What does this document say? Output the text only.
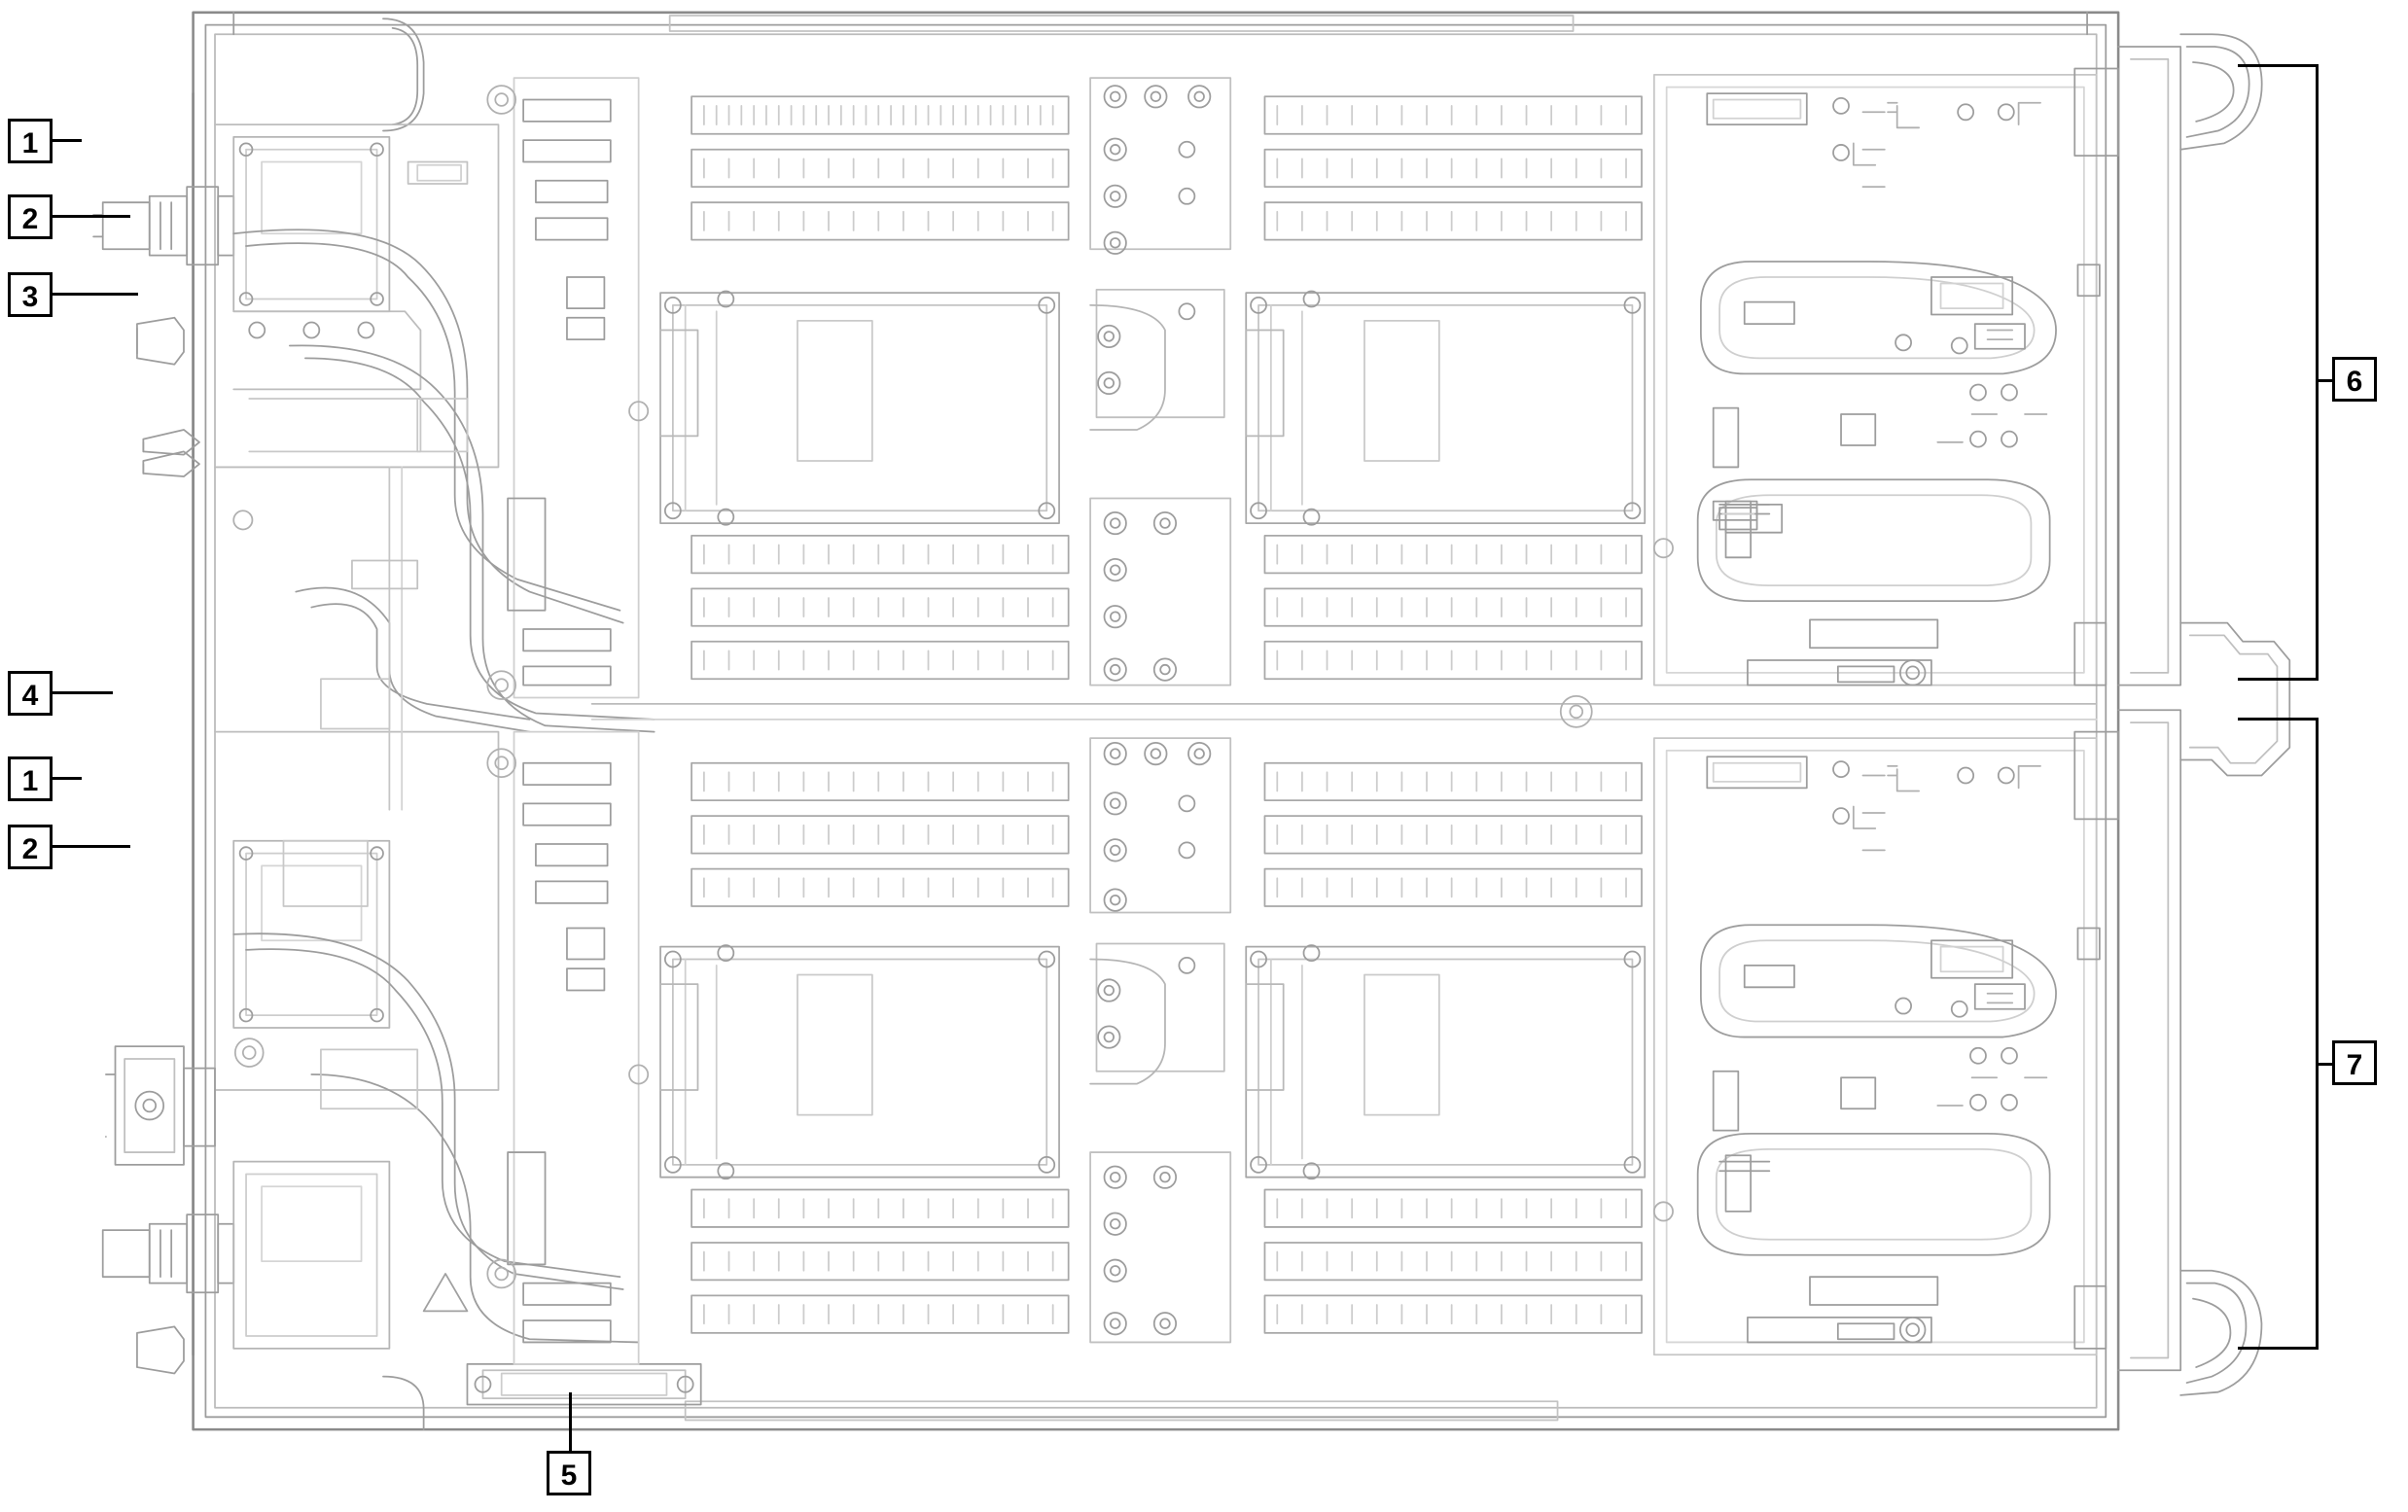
1
2
3
4
1
2
5
6
7
